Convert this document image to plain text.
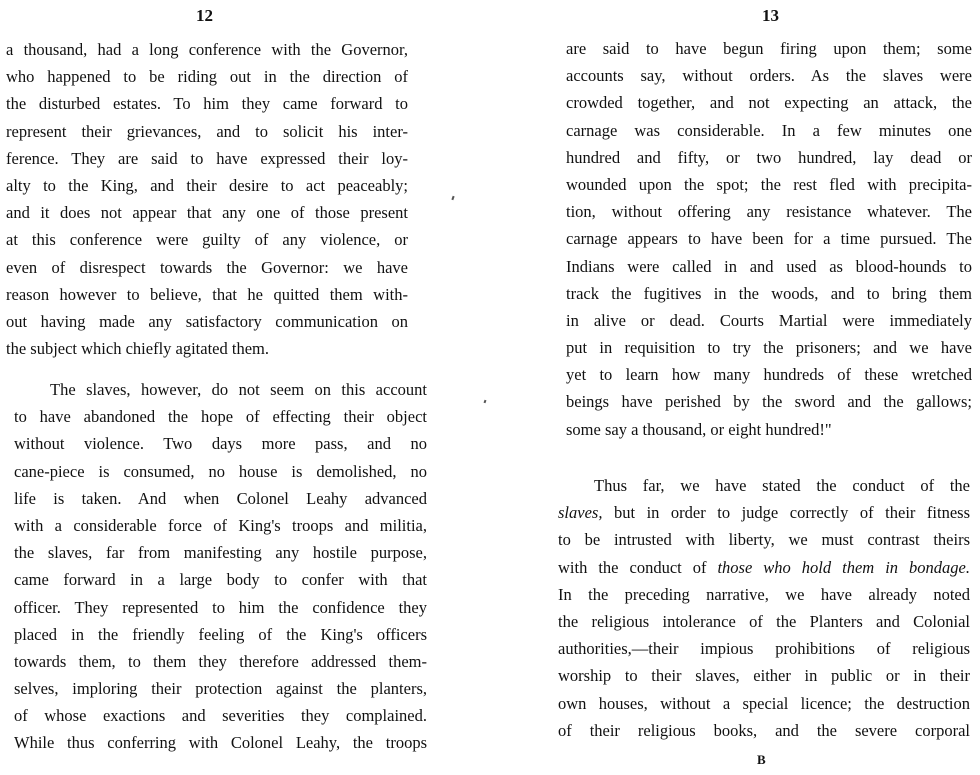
12
a thousand, had a long conference with the Governor,
who happened to be riding out in the direction of
the disturbed estates. To him they came forward to
represent their grievances, and to solicit his inter-
ference. They are said to have expressed their loy-
alty to the King, and their desire to act peaceably;
and it does not appear that any one of those present
at this conference were guilty of any violence, or
even of disrespect towards the Governor: we have
reason however to believe, that he quitted them with-
out having made any satisfactory communication on
the subject which chiefly agitated them.
The slaves, however, do not seem on this account
to have abandoned the hope of effecting their object
without violence. Two days more pass, and no
cane-piece is consumed, no house is demolished, no
life is taken. And when Colonel Leahy advanced
with a considerable force of King's troops and militia,
the slaves, far from manifesting any hostile purpose,
came forward in a large body to confer with that
officer. They represented to him the confidence they
placed in the friendly feeling of the King's officers
towards them, to them they therefore addressed them-
selves, imploring their protection against the planters,
of whose exactions and severities they complained.
While thus conferring with Colonel Leahy, the troops
13
are said to have begun firing upon them; some
accounts say, without orders. As the slaves were
crowded together, and not expecting an attack, the
carnage was considerable. In a few minutes one
hundred and fifty, or two hundred, lay dead or
wounded upon the spot; the rest fled with precipita-
tion, without offering any resistance whatever. The
carnage appears to have been for a time pursued. The
Indians were called in and used as blood-hounds to
track the fugitives in the woods, and to bring them
in alive or dead. Courts Martial were immediately
put in requisition to try the prisoners; and we have
yet to learn how many hundreds of these wretched
beings have perished by the sword and the gallows;
some say a thousand, or eight hundred!"
Thus far, we have stated the conduct of the
slaves, but in order to judge correctly of their fitness
to be intrusted with liberty, we must contrast theirs
with the conduct of those who hold them in bondage.
In the preceding narrative, we have already noted
the religious intolerance of the Planters and Colonial
authorities,—their impious prohibitions of religious
worship to their slaves, either in public or in their
own houses, without a special licence; the destruction
of their religious books, and the severe corporal
B
